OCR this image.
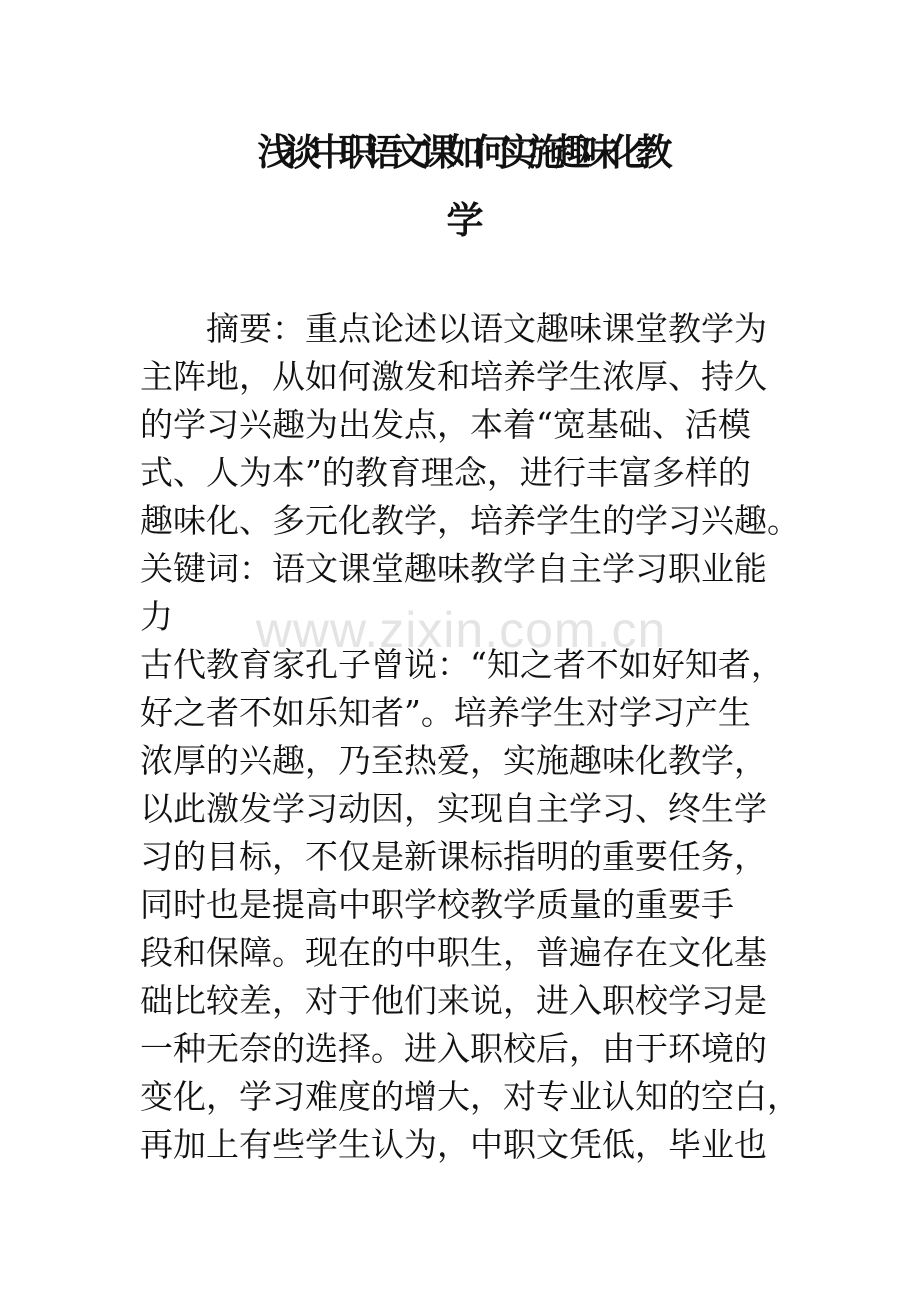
浅谈中职语文课如何实施趣味化教
学
摘要：重点论述以语文趣味课堂教学为
主阵地，从如何激发和培养学生浓厚、持久
的学习兴趣为出发点，本着“宽基础、活模
式、人为本”的教育理念，进行丰富多样的
趣味化、多元化教学，培养学生的学习兴趣。
关键词：语文课堂趣味教学自主学习职业能
力
古代教育家孔子曾说：“知之者不如好知者，
好之者不如乐知者”。培养学生对学习产生
浓厚的兴趣，乃至热爱，实施趣味化教学，
以此激发学习动因，实现自主学习、终生学
习的目标，不仅是新课标指明的重要任务，
同时也是提高中职学校教学质量的重要手
段和保障。现在的中职生，普遍存在文化基
础比较差，对于他们来说，进入职校学习是
一种无奈的选择。进入职校后，由于环境的
变化，学习难度的增大，对专业认知的空白，
再加上有些学生认为，中职文凭低，毕业也
www.zixin.com.cn
